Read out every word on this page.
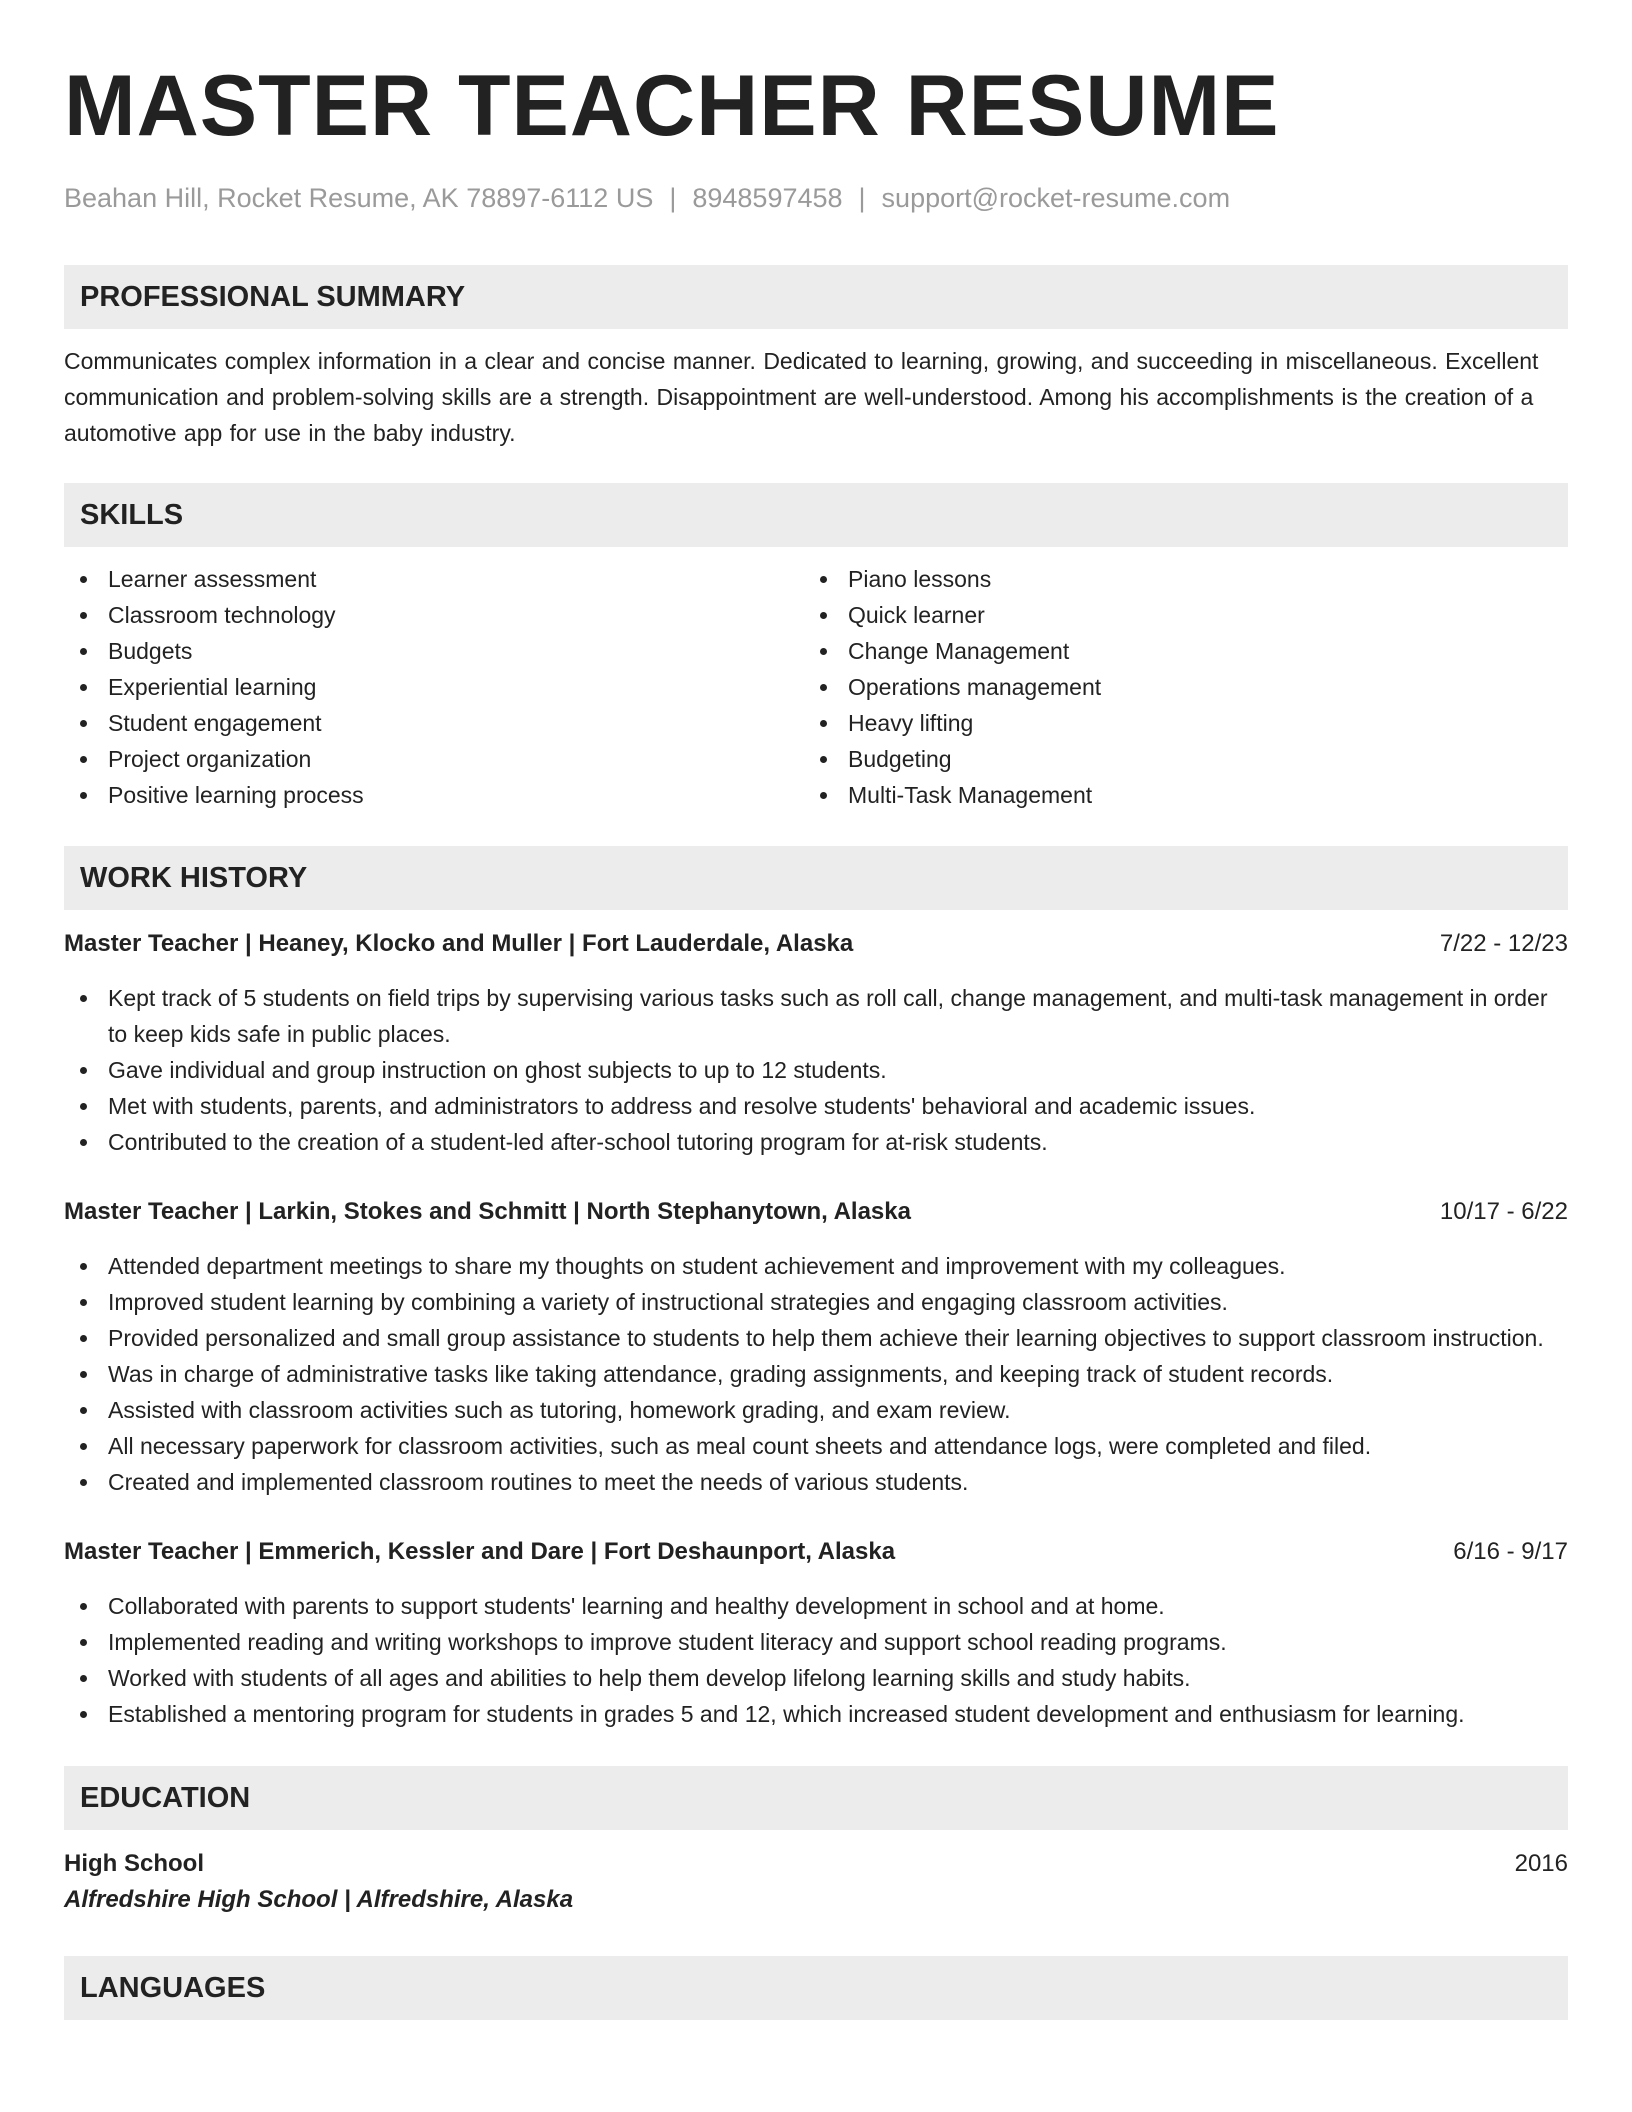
MASTER TEACHER RESUME
Beahan Hill, Rocket Resume, AK 78897-6112 US | 8948597458 | support@rocket-resume.com
PROFESSIONAL SUMMARY
Communicates complex information in a clear and concise manner. Dedicated to learning, growing, and succeeding in miscellaneous. Excellent communication and problem-solving skills are a strength. Disappointment are well-understood. Among his accomplishments is the creation of a automotive app for use in the baby industry.
SKILLS
Learner assessment
Classroom technology
Budgets
Experiential learning
Student engagement
Project organization
Positive learning process
Piano lessons
Quick learner
Change Management
Operations management
Heavy lifting
Budgeting
Multi-Task Management
WORK HISTORY
Master Teacher | Heaney, Klocko and Muller | Fort Lauderdale, Alaska	7/22 - 12/23
Kept track of 5 students on field trips by supervising various tasks such as roll call, change management, and multi-task management in order to keep kids safe in public places.
Gave individual and group instruction on ghost subjects to up to 12 students.
Met with students, parents, and administrators to address and resolve students' behavioral and academic issues.
Contributed to the creation of a student-led after-school tutoring program for at-risk students.
Master Teacher | Larkin, Stokes and Schmitt | North Stephanytown, Alaska	10/17 - 6/22
Attended department meetings to share my thoughts on student achievement and improvement with my colleagues.
Improved student learning by combining a variety of instructional strategies and engaging classroom activities.
Provided personalized and small group assistance to students to help them achieve their learning objectives to support classroom instruction.
Was in charge of administrative tasks like taking attendance, grading assignments, and keeping track of student records.
Assisted with classroom activities such as tutoring, homework grading, and exam review.
All necessary paperwork for classroom activities, such as meal count sheets and attendance logs, were completed and filed.
Created and implemented classroom routines to meet the needs of various students.
Master Teacher | Emmerich, Kessler and Dare | Fort Deshaunport, Alaska	6/16 - 9/17
Collaborated with parents to support students' learning and healthy development in school and at home.
Implemented reading and writing workshops to improve student literacy and support school reading programs.
Worked with students of all ages and abilities to help them develop lifelong learning skills and study habits.
Established a mentoring program for students in grades 5 and 12, which increased student development and enthusiasm for learning.
EDUCATION
High School	2016
Alfredshire High School | Alfredshire, Alaska
LANGUAGES
